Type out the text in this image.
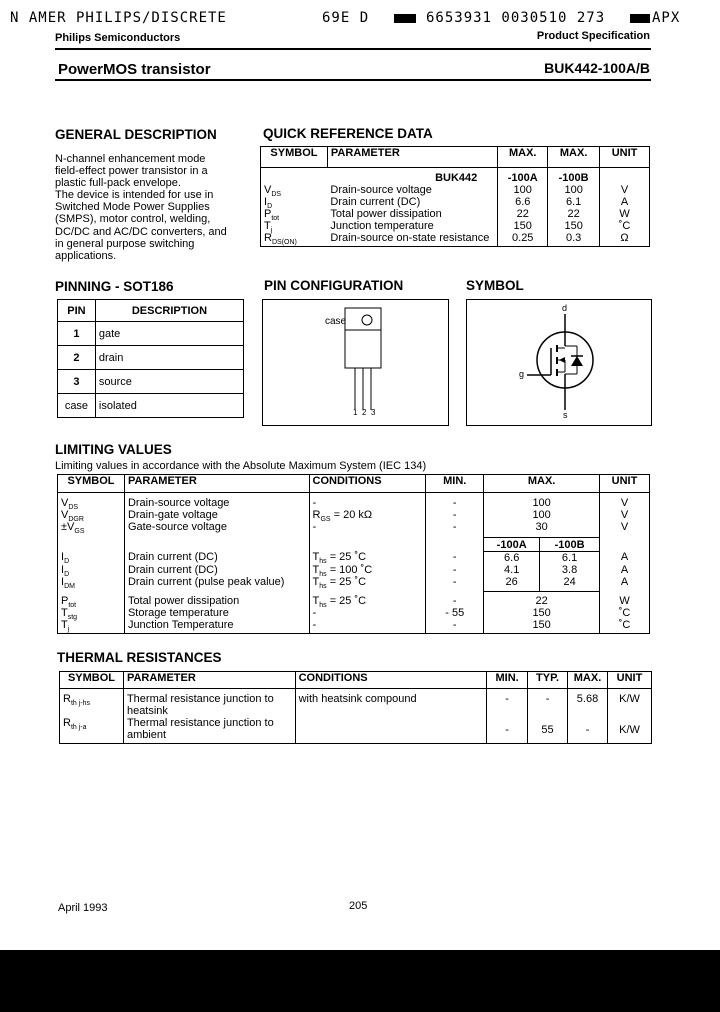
N AMER PHILIPS/DISCRETE	69E D	6653931 0030510 273	APX
Philips Semiconductors	Product Specification
PowerMOS transistor	BUK442-100A/B
GENERAL DESCRIPTION
N-channel enhancement mode
field-effect power transistor in a
plastic full-pack envelope.
The device is intended for use in
Switched Mode Power Supplies
(SMPS), motor control, welding,
DC/DC and AC/DC converters, and
in general purpose switching
applications.
QUICK REFERENCE DATA
SYMBOL	PARAMETER	MAX.	MAX.	UNIT
	BUK442	-100A	-100B	
$V_{DS}$	Drain-source voltage	100	100	V
$I_D$	Drain current (DC)	6.6	6.1	A
$P_{tot}$	Total power dissipation	22	22	W
$T_j$	Junction temperature	150	150	˚C
$R_{DS(ON)}$	Drain-source on-state resistance	0.25	0.3	Ω
PINNING - SOT186
PIN	DESCRIPTION
1	gate
2	drain
3	source
case	isolated
PIN CONFIGURATION
case
1 2 3
SYMBOL
d
g
s
LIMITING VALUES
Limiting values in accordance with the Absolute Maximum System (IEC 134)
SYMBOL	PARAMETER	CONDITIONS	MIN.	MAX.		UNIT
$V_{DS}$	Drain-source voltage	-	-	100		V
$V_{DGR}$	Drain-gate voltage	$R_{GS} = 20$ kΩ	-	100		V
$\pm V_{GS}$	Gate-source voltage	-	-	30		V
				-100A	-100B	
$I_D$	Drain current (DC)	$T_{hs} = 25$ ˚C	-	6.6	6.1	A
$I_D$	Drain current (DC)	$T_{hs} = 100$ ˚C	-	4.1	3.8	A
$I_{DM}$	Drain current (pulse peak value)	$T_{hs} = 25$ ˚C	-	26	24	A
$P_{tot}$	Total power dissipation	$T_{hs} = 25$ ˚C	-	22		W
$T_{stg}$	Storage temperature	-	- 55	150		˚C
$T_j$	Junction Temperature	-	-	150		˚C
THERMAL RESISTANCES
SYMBOL	PARAMETER	CONDITIONS	MIN.	TYP.	MAX.	UNIT
$R_{th j-hs}$	Thermal resistance junction to heatsink	with heatsink compound	-	-	5.68	K/W
$R_{th j-a}$	Thermal resistance junction to ambient		-	55	-	K/W
April 1993	205
